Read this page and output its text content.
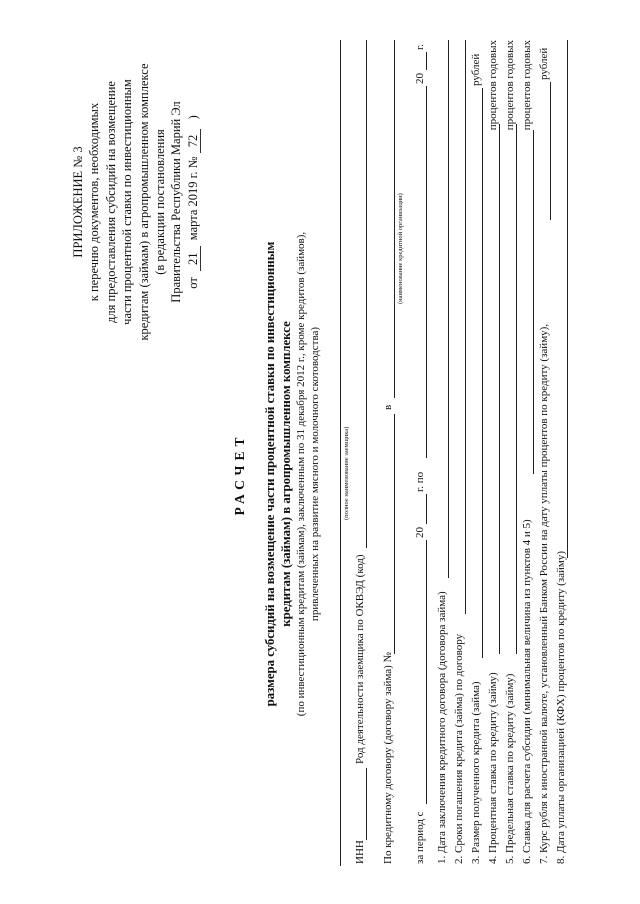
ПРИЛОЖЕНИЕ № 3 к перечню документов, необходимых для предоставления субсидий на возмещение части процентной ставки по инвестиционным кредитам (займам) в агропромышленном комплексе (в редакции постановления Правительства Республики Марий Эл от  21  марта 2019 г. № 72   )
РАСЧЕТ размера субсидий на возмещение части процентной ставки по инвестиционным кредитам (займам) в агропромышленном комплексе (по инвестиционным кредитам (займам), заключенным по 31 декабря 2012 г., кроме кредитов (займов), привлеченных на развитие мясного и молочного скотоводства)	(полное наименование заемщика)
ИНН
Род деятельности заемщика по ОКВЭД (код) По кредитному договору (договору займа) №
в
(наименование кредитной организации)
за период с
20
г. по
20
г.
1. Дата заключения кредитного договора (договора займа) 2. Сроки погашения кредита (займа) по договору 3. Размер полученного кредита (займа)
рублей
4. Процентная ставка по кредиту (займу)
процентов годовых
5. Предельная ставка по кредиту (займу)
процентов годовых
6. Ставка для расчета субсидии (минимальная величина из пунктов 4 и 5)
процентов годовых
7. Курс рубля к иностранной валюте, установленный Банком России на дату уплаты процентов по кредиту (займу),
рублей
8. Дата уплаты организацией (КФХ) процентов по кредиту (займу)
